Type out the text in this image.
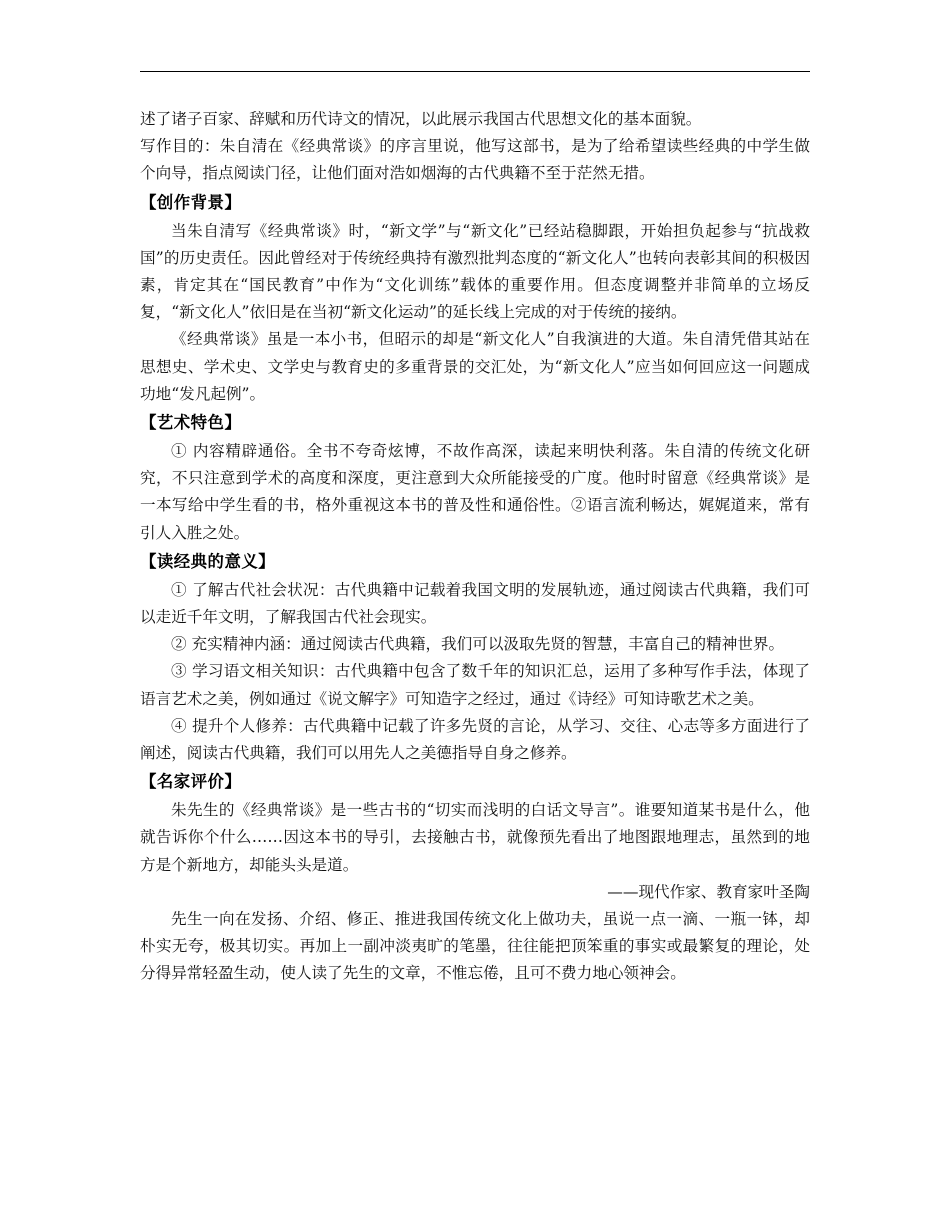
述了诸子百家、辞赋和历代诗文的情况，以此展示我国古代思想文化的基本面貌。

写作目的：朱自清在《经典常谈》的序言里说，他写这部书，是为了给希望读些经典的中学生做个向导，指点阅读门径，让他们面对浩如烟海的古代典籍不至于茫然无措。

【创作背景】

当朱自清写《经典常谈》时，“新文学”与“新文化”已经站稳脚跟，开始担负起参与“抗战救国”的历史责任。因此曾经对于传统经典持有激烈批判态度的“新文化人”也转向表彰其间的积极因素，肯定其在“国民教育”中作为“文化训练”载体的重要作用。但态度调整并非简单的立场反复，“新文化人”依旧是在当初“新文化运动”的延长线上完成的对于传统的接纳。

《经典常谈》虽是一本小书，但昭示的却是“新文化人”自我演进的大道。朱自清凭借其站在思想史、学术史、文学史与教育史的多重背景的交汇处，为“新文化人”应当如何回应这一问题成功地“发凡起例”。

【艺术特色】

① 内容精辟通俗。全书不夸奇炫博，不故作高深，读起来明快利落。朱自清的传统文化研究，不只注意到学术的高度和深度，更注意到大众所能接受的广度。他时时留意《经典常谈》是一本写给中学生看的书，格外重视这本书的普及性和通俗性。②语言流利畅达，娓娓道来，常有引人入胜之处。

【读经典的意义】

① 了解古代社会状况：古代典籍中记载着我国文明的发展轨迹，通过阅读古代典籍，我们可以走近千年文明，了解我国古代社会现实。

② 充实精神内涵：通过阅读古代典籍，我们可以汲取先贤的智慧，丰富自己的精神世界。

③ 学习语文相关知识：古代典籍中包含了数千年的知识汇总，运用了多种写作手法，体现了语言艺术之美，例如通过《说文解字》可知造字之经过，通过《诗经》可知诗歌艺术之美。

④ 提升个人修养：古代典籍中记载了许多先贤的言论，从学习、交往、心志等多方面进行了阐述，阅读古代典籍，我们可以用先人之美德指导自身之修养。

【名家评价】

朱先生的《经典常谈》是一些古书的“切实而浅明的白话文导言”。谁要知道某书是什么，他就告诉你个什么……因这本书的导引，去接触古书，就像预先看出了地图跟地理志，虽然到的地方是个新地方，却能头头是道。

——现代作家、教育家叶圣陶

先生一向在发扬、介绍、修正、推进我国传统文化上做功夫，虽说一点一滴、一瓶一钵，却朴实无夸，极其切实。再加上一副冲淡夷旷的笔墨，往往能把顶笨重的事实或最繁复的理论，处分得异常轻盈生动，使人读了先生的文章，不惟忘倦，且可不费力地心领神会。
